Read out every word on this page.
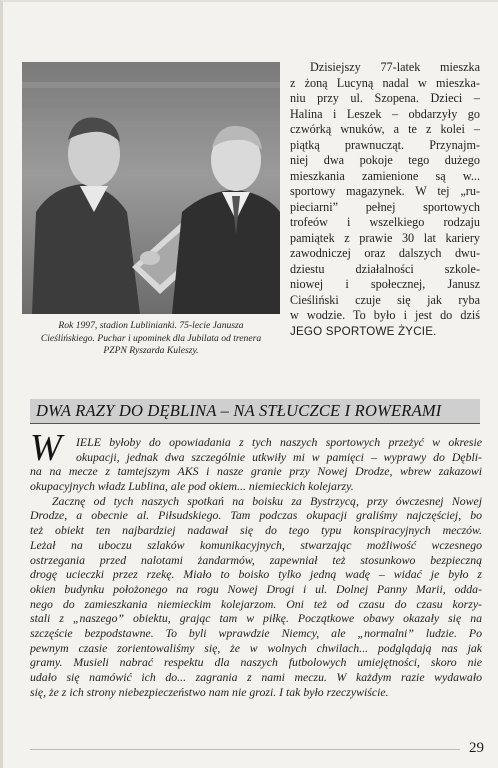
Rok 1997, stadion Lublinianki. 75-lecie Janusza
Cieślińskiego. Puchar i upominek dla Jubilata od trenera
PZPN Ryszarda Kuleszy.
Dzisiejszy 77-latek mieszka
z żoną Lucyną nadal w mieszka-
niu przy ul. Szopena. Dzieci –
Halina i Leszek – obdarzyły go
czwórką wnuków, a te z kolei –
piątką prawnucząt. Przynajm-
niej dwa pokoje tego dużego
mieszkania zamienione są w...
sportowy magazynek. W tej „ru-
pieciarni” pełnej sportowych
trofeów i wszelkiego rodzaju
pamiątek z prawie 30 lat kariery
zawodniczej oraz dalszych dwu-
dziestu działalności szkole-
niowej i społecznej, Janusz
Cieśliński czuje się jak ryba
w wodzie. To było i jest do dziś
JEGO SPORTOWE ŻYCIE.
DWA RAZY DO DĘBLINA – NA STŁUCZCE I ROWERAMI
W	IELE byłoby do opowiadania z tych naszych sportowych przeżyć w okresie
okupacji, jednak dwa szczególnie utkwiły mi w pamięci – wyprawy do Dębli-
na na mecze z tamtejszym AKS i nasze granie przy Nowej Drodze, wbrew zakazowi
okupacyjnych władz Lublina, ale pod okiem... niemieckich kolejarzy.
Zacznę od tych naszych spotkań na boisku za Bystrzycą, przy ówczesnej Nowej
Drodze, a obecnie al. Piłsudskiego. Tam podczas okupacji graliśmy najczęściej, bo
też obiekt ten najbardziej nadawał się do tego typu konspiracyjnych meczów.
Leżał na uboczu szlaków komunikacyjnych, stwarzając możliwość wczesnego
ostrzegania przed nalotami żandarmów, zapewniał też stosunkowo bezpieczną
drogę ucieczki przez rzekę. Miało to boisko tylko jedną wadę – widać je było z
okien budynku położonego na rogu Nowej Drogi i ul. Dolnej Panny Marii, odda-
nego do zamieszkania niemieckim kolejarzom. Oni też od czasu do czasu korzy-
stali z „naszego” obiektu, grając tam w piłkę. Początkowe obawy okazały się na
szczęście bezpodstawne. To byli wprawdzie Niemcy, ale „normalni” ludzie. Po
pewnym czasie zorientowaliśmy się, że w wolnych chwilach... podglądają nas jak
gramy. Musieli nabrać respektu dla naszych futbolowych umiejętności, skoro nie
udało się namówić ich do... zagrania z nami meczu. W każdym razie wydawało
się, że z ich strony niebezpieczeństwo nam nie grozi. I tak było rzeczywiście.
29
